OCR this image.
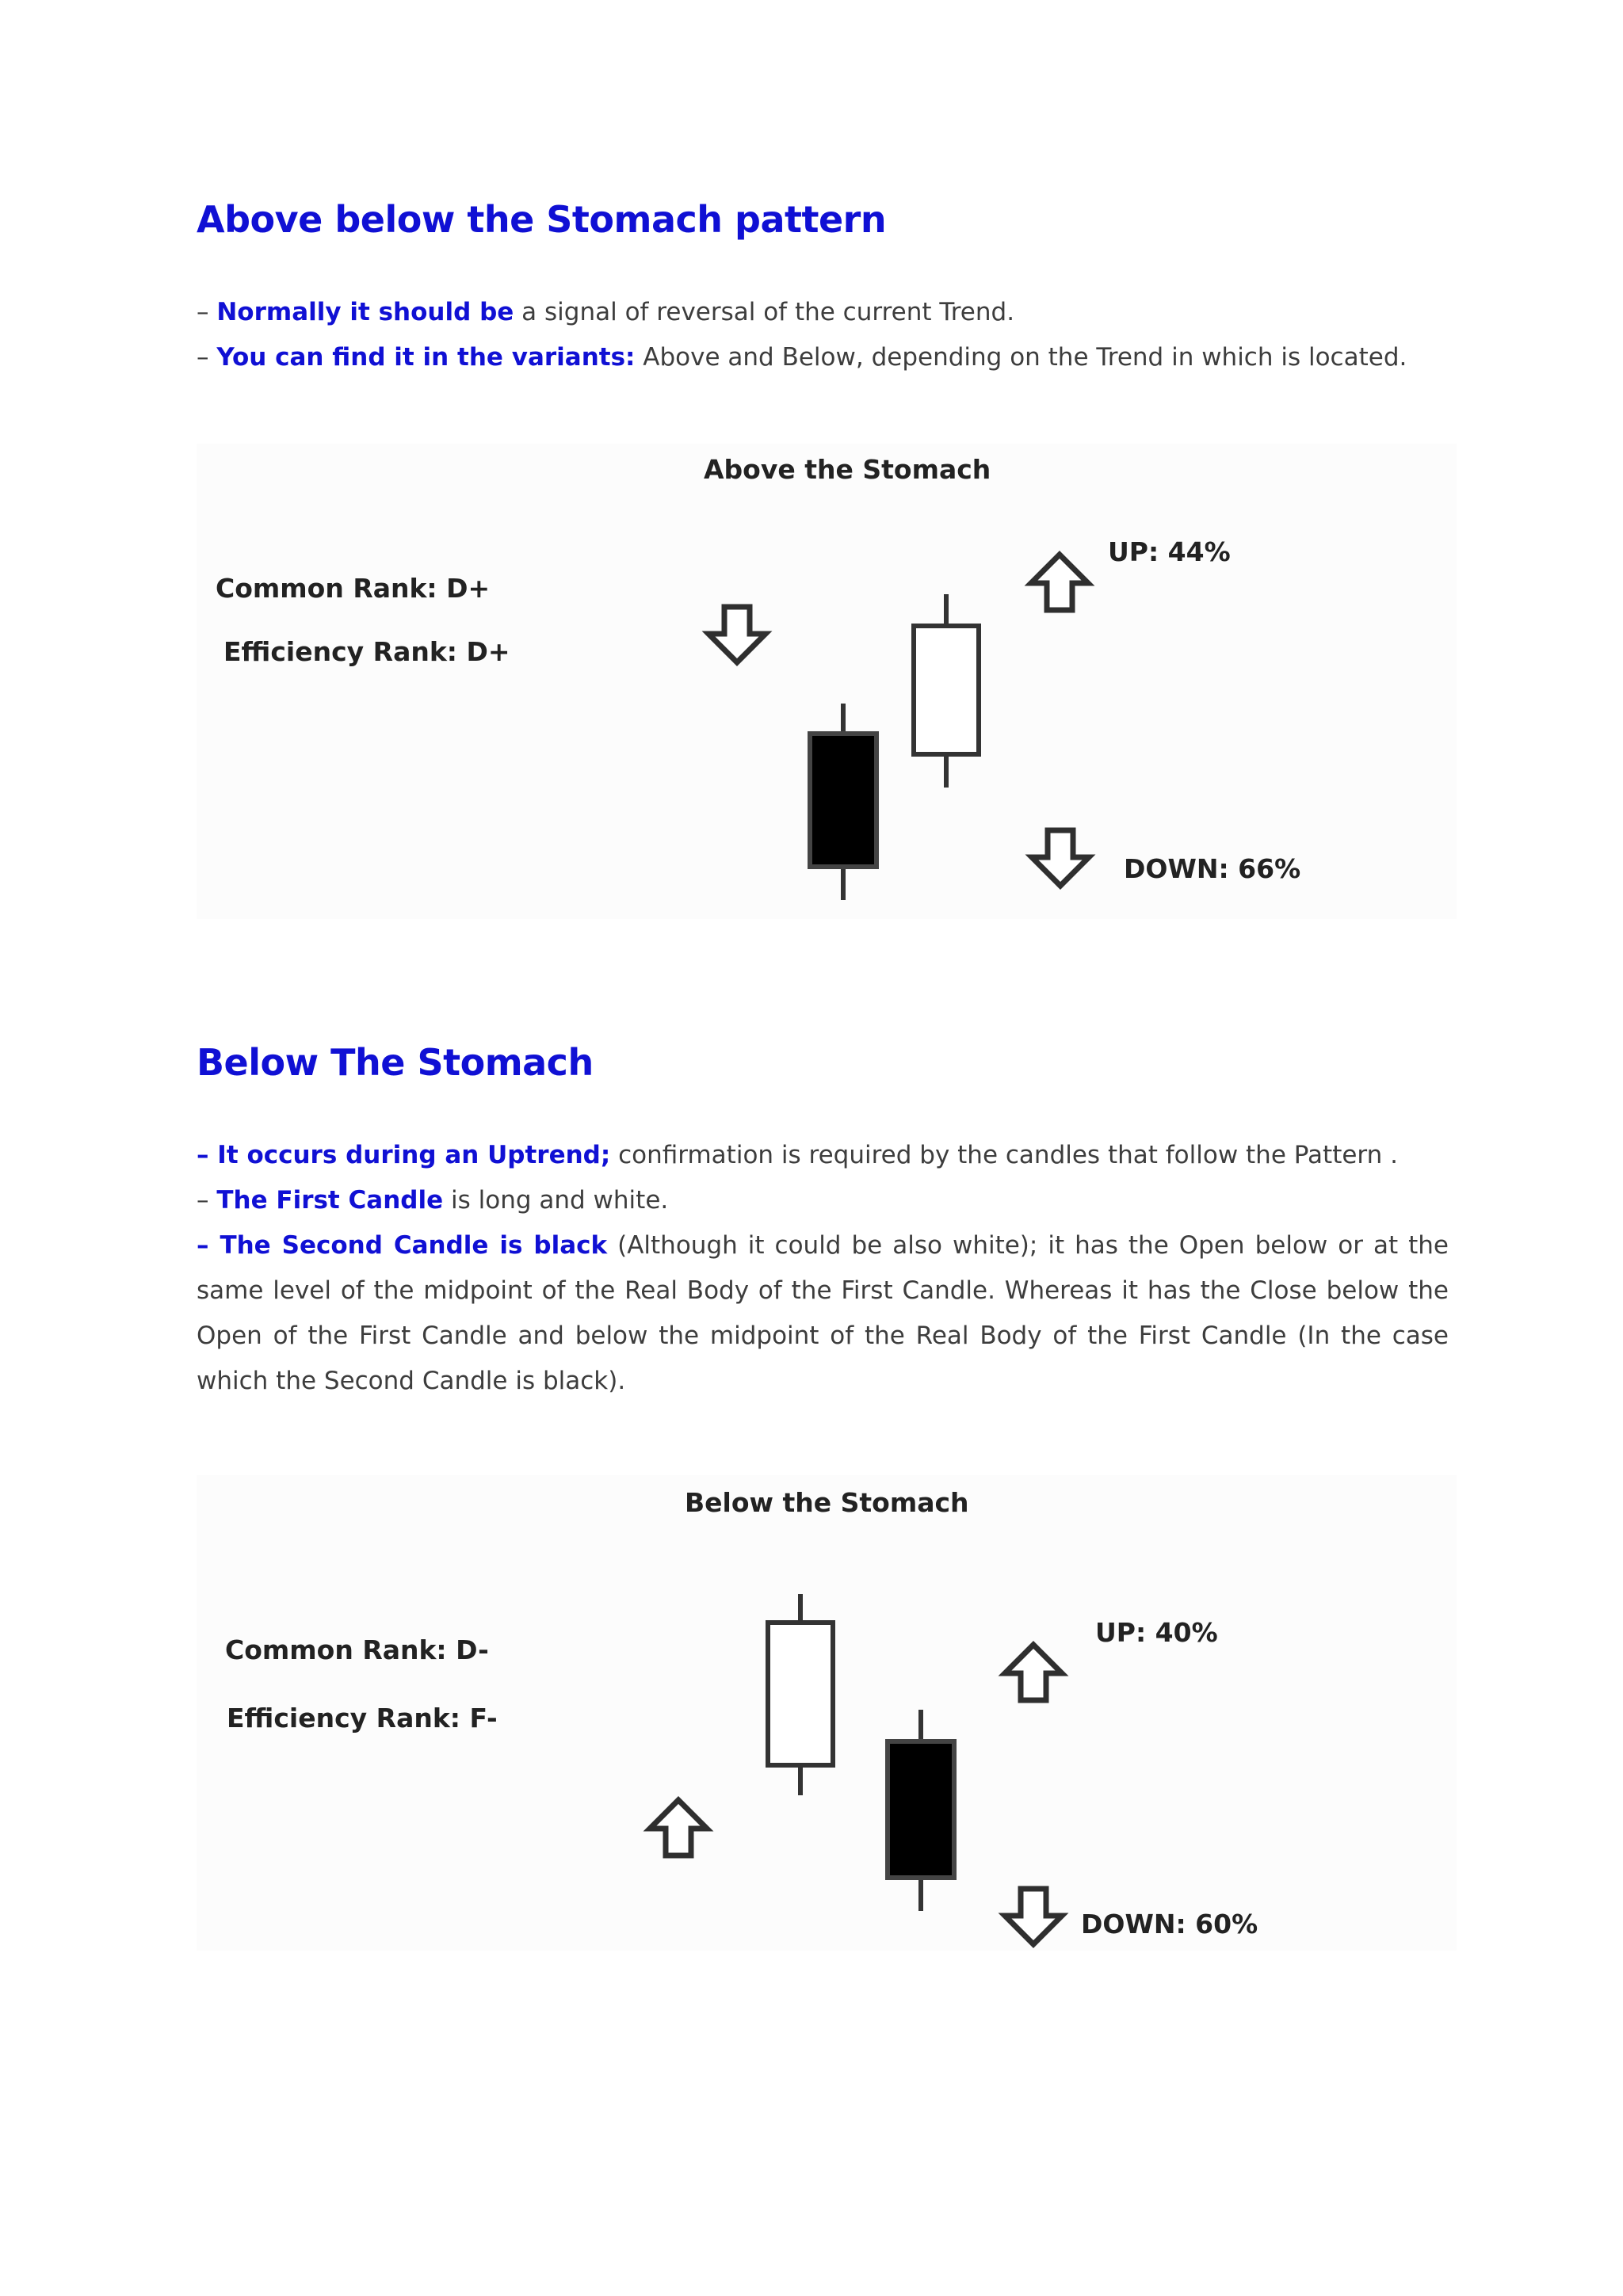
Above below the Stomach pattern

– Normally it should be a signal of reversal of the current Trend.

– You can find it in the variants: Above and Below, depending on the Trend in which is located.

Above the Stomach
Common Rank: D+
Efficiency Rank: D+
UP: 44%
DOWN: 66%
Below The Stomach

– It occurs during an Uptrend; confirmation is required by the candles that follow the Pattern .

– The First Candle is long and white.

– The Second Candle is black (Although it could be also white); it has the Open below or at the same level of the midpoint of the Real Body of the First Candle. Whereas it has the Close below the Open of the First Candle and below the midpoint of the Real Body of the First Candle (In the case which the Second Candle is black).

Below the Stomach
Common Rank: D-
Efficiency Rank: F-
UP: 40%
DOWN: 60%
